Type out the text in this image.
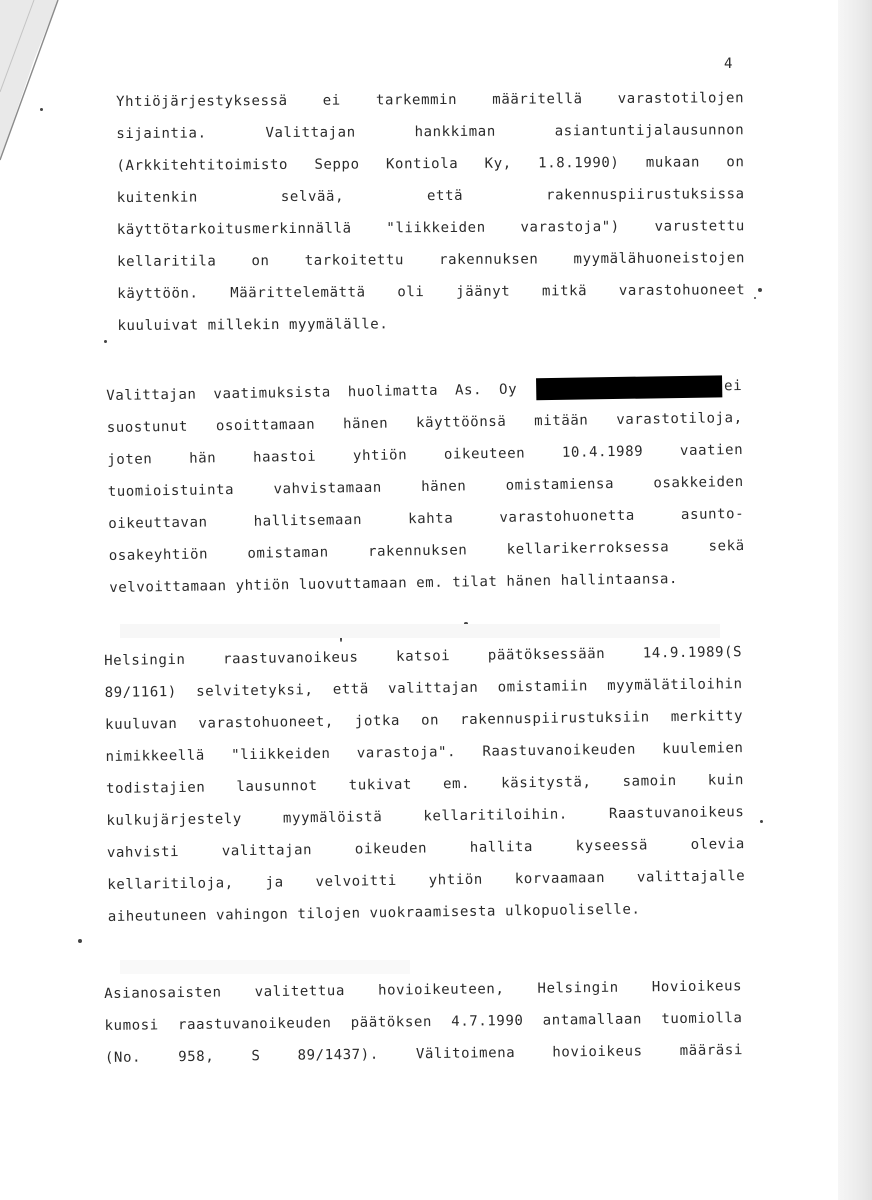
4
Yhtiöjärjestyksessä ei tarkemmin määritellä varastotilojen
sijaintia. Valittajan hankkiman asiantuntijalausunnon
(Arkkitehtitoimisto Seppo Kontiola Ky, 1.8.1990) mukaan on
kuitenkin selvää, että rakennuspiirustuksissa
käyttötarkoitusmerkinnällä "liikkeiden varastoja") varustettu
kellaritila on tarkoitettu rakennuksen myymälähuoneistojen
käyttöön. Määrittelemättä oli jäänyt mitkä varastohuoneet
kuuluivat millekin myymälälle.
Valittajan vaatimuksista huolimatta As. Oy	ei
suostunut osoittamaan hänen käyttöönsä mitään varastotiloja,
joten hän haastoi yhtiön oikeuteen 10.4.1989 vaatien
tuomioistuinta vahvistamaan hänen omistamiensa osakkeiden
oikeuttavan hallitsemaan kahta varastohuonetta asunto-
osakeyhtiön omistaman rakennuksen kellarikerroksessa sekä
velvoittamaan yhtiön luovuttamaan em. tilat hänen hallintaansa.
Helsingin raastuvanoikeus katsoi päätöksessään 14.9.1989(S
89/1161) selvitetyksi, että valittajan omistamiin myymälätiloihin
kuuluvan varastohuoneet, jotka on rakennuspiirustuksiin merkitty
nimikkeellä "liikkeiden varastoja". Raastuvanoikeuden kuulemien
todistajien lausunnot tukivat em. käsitystä, samoin kuin
kulkujärjestely myymälöistä kellaritiloihin. Raastuvanoikeus
vahvisti valittajan oikeuden hallita kyseessä olevia
kellaritiloja, ja velvoitti yhtiön korvaamaan valittajalle
aiheutuneen vahingon tilojen vuokraamisesta ulkopuoliselle.
Asianosaisten valitettua hovioikeuteen, Helsingin Hovioikeus
kumosi raastuvanoikeuden päätöksen 4.7.1990 antamallaan tuomiolla
(No. 958, S 89/1437). Välitoimena hovioikeus määräsi
